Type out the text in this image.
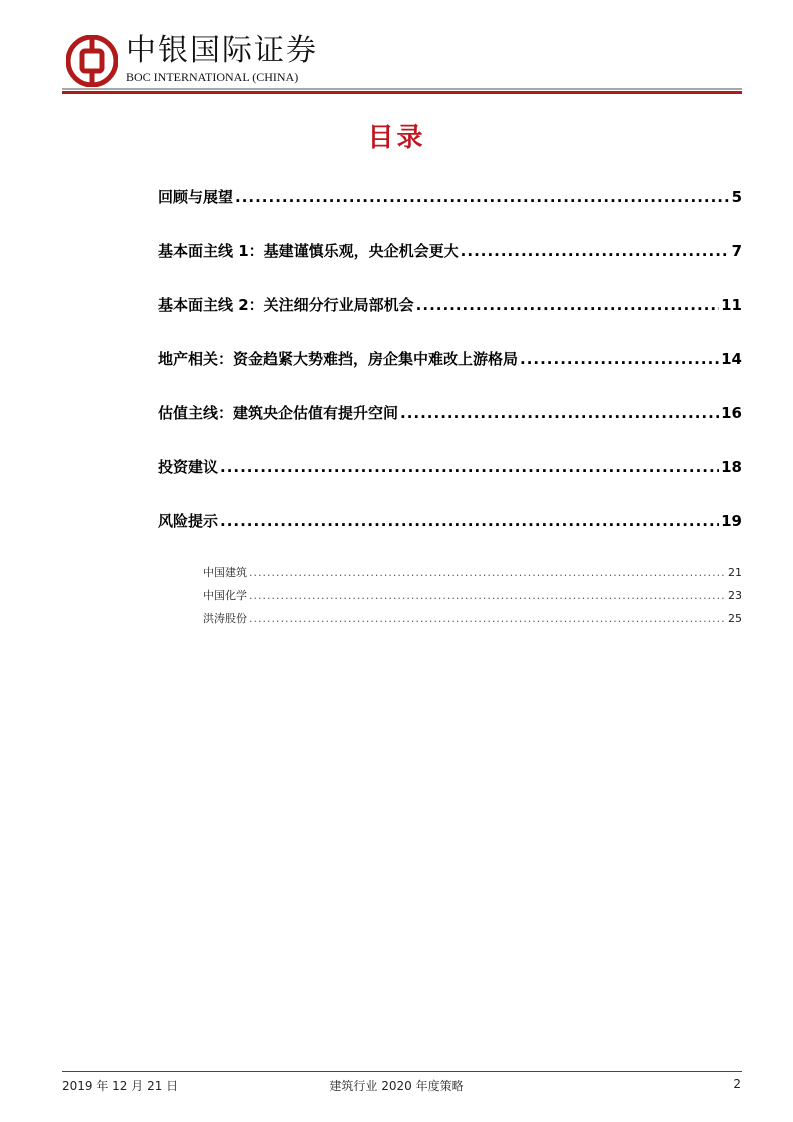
中银国际证券
BOC INTERNATIONAL (CHINA)
目录
回顾与展望 .....	5
基本面主线 1：基建谨慎乐观，央企机会更大 .....	7
基本面主线 2：关注细分行业局部机会 .....	11
地产相关：资金趋紧大势难挡，房企集中难改上游格局 .....	14
估值主线：建筑央企估值有提升空间 .....	16
投资建议 .....	18
风险提示 .....	19
中国建筑 .....	21
中国化学 .....	23
洪涛股份 .....	25
2019 年 12 月 21 日	建筑行业 2020 年度策略	2
